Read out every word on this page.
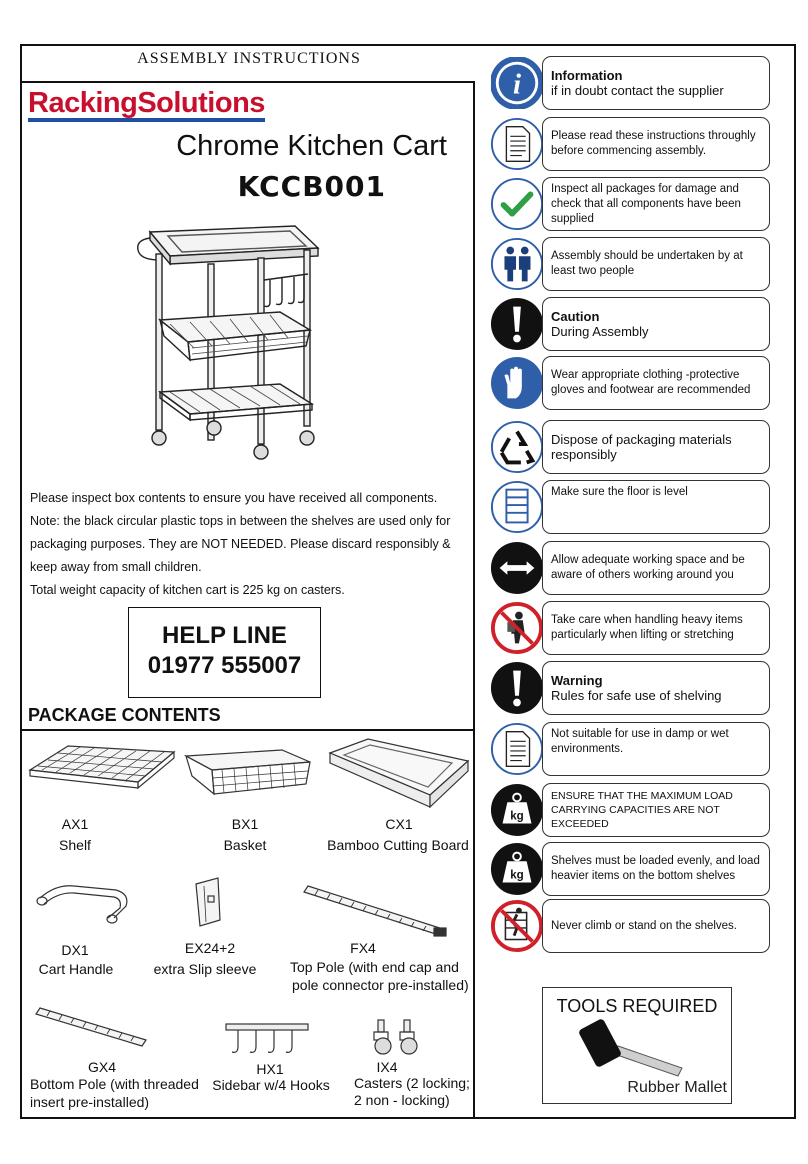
ASSEMBLY INSTRUCTIONS
RackingSolutions
Chrome Kitchen Cart
KCCB001

Please inspect box contents to ensure you have received all components.

Note: the black circular plastic tops in between the shelves are used only for

packaging purposes. They are NOT NEEDED. Please discard responsibly &

keep away from small children.

Total weight capacity of kitchen cart is 225 kg on casters.

HELP LINE
01977 555007
PACKAGE CONTENTS
AX1
Shelf
BX1
Basket
CX1
Bamboo Cutting Board
DX1
Cart Handle
EX24+2
extra Slip sleeve
FX4
Top Pole (with end cap and
pole connector pre-installed)
GX4
Bottom Pole (with threaded
insert pre-installed)
HX1
Sidebar w/4 Hooks
IX4
Casters (2 locking;
2 non - locking)
i Information
if in doubt contact the supplier
Please read these instructions throughly before commencing assembly.
Inspect all packages for damage and check that all components have been supplied
Assembly should be undertaken by at least two people
Caution
During Assembly
Wear appropriate clothing -protective gloves and footwear are recommended
Dispose of packaging materials responsibly
Make sure the floor is level
Allow adequate working space and be aware of others working around you
Take care when handling heavy items particularly when lifting or stretching
Warning
Rules for safe use of shelving
Not suitable for use in damp or wet environments.
kg
ENSURE THAT THE MAXIMUM LOAD CARRYING CAPACITIES ARE NOT EXCEEDED
kg
Shelves must be loaded evenly, and load heavier items on the bottom shelves
Never climb or stand on the shelves.
TOOLS REQUIRED
Rubber Mallet
